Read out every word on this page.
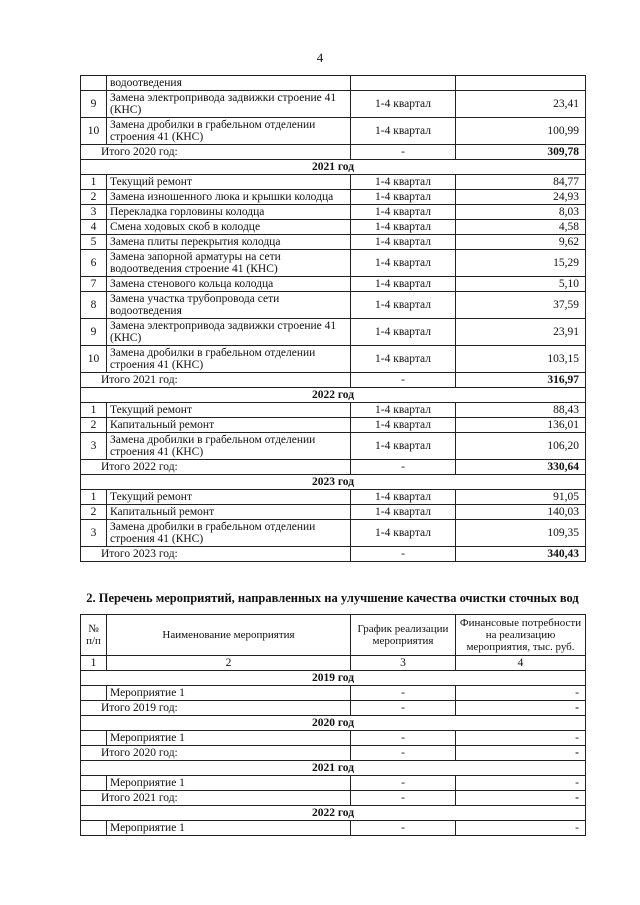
4
	водоотведения		
9	Замена электропривода задвижки строение 41 (КНС)	1-4 квартал	23,41
10	Замена дробилки в грабельном отделении строения 41 (КНС)	1-4 квартал	100,99
Итого 2020 год:		-	309,78
2021 год			
1	Текущий ремонт	1-4 квартал	84,77
2	Замена изношенного люка и крышки колодца	1-4 квартал	24,93
3	Перекладка горловины колодца	1-4 квартал	8,03
4	Смена ходовых скоб в колодце	1-4 квартал	4,58
5	Замена плиты перекрытия колодца	1-4 квартал	9,62
6	Замена запорной арматуры на сети водоотведения строение 41 (КНС)	1-4 квартал	15,29
7	Замена стенового кольца колодца	1-4 квартал	5,10
8	Замена участка трубопровода сети водоотведения	1-4 квартал	37,59
9	Замена электропривода задвижки строение 41 (КНС)	1-4 квартал	23,91
10	Замена дробилки в грабельном отделении строения 41 (КНС)	1-4 квартал	103,15
Итого 2021 год:		-	316,97
2022 год			
1	Текущий ремонт	1-4 квартал	88,43
2	Капитальный ремонт	1-4 квартал	136,01
3	Замена дробилки в грабельном отделении строения 41 (КНС)	1-4 квартал	106,20
Итого 2022 год:		-	330,64
2023 год			
1	Текущий ремонт	1-4 квартал	91,05
2	Капитальный ремонт	1-4 квартал	140,03
3	Замена дробилки в грабельном отделении строения 41 (КНС)	1-4 квартал	109,35
Итого 2023 год:		-	340,43
2. Перечень мероприятий, направленных на улучшение качества очистки сточных вод
№ п/п	Наименование мероприятия	График реализации мероприятия	Финансовые потребности на реализацию мероприятия, тыс. руб.
1	2	3	4
2019 год			
	Мероприятие 1	-	-
Итого 2019 год:		-	-
2020 год			
	Мероприятие 1	-	-
Итого 2020 год:		-	-
2021 год			
	Мероприятие 1	-	-
Итого 2021 год:		-	-
2022 год			
	Мероприятие 1	-	-
